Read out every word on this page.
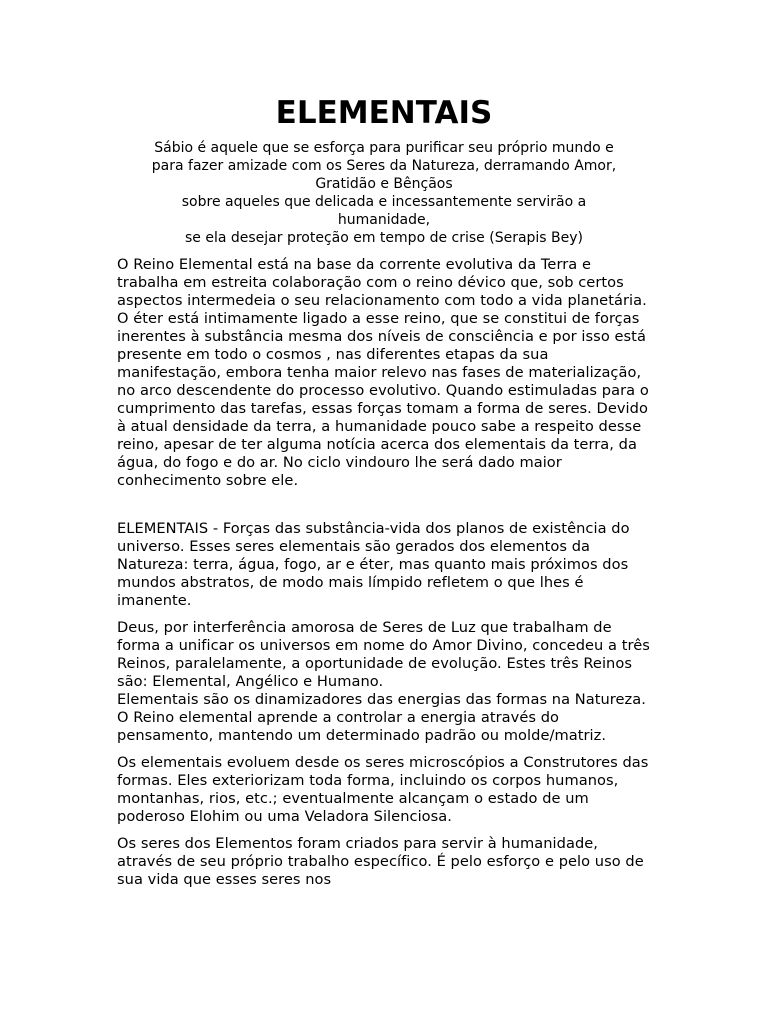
ELEMENTAIS
Sábio é aquele que se esforça para purificar seu próprio mundo e
para fazer amizade com os Seres da Natureza, derramando Amor,
Gratidão e Bênçãos
sobre aqueles que delicada e incessantemente servirão a
humanidade,
se ela desejar proteção em tempo de crise (Serapis Bey)

O Reino Elemental está na base da corrente evolutiva da Terra e trabalha em estreita colaboração com o reino dévico que, sob certos aspectos intermedeia o seu relacionamento com todo a vida planetária. O éter está intimamente ligado a esse reino, que se constitui de forças inerentes à substância mesma dos níveis de consciência e por isso está presente em todo o cosmos , nas diferentes etapas da sua manifestação, embora tenha maior relevo nas fases de materialização, no arco descendente do processo evolutivo. Quando estimuladas para o cumprimento das tarefas, essas forças tomam a forma de seres. Devido à atual densidade da terra, a humanidade pouco sabe a respeito desse reino, apesar de ter alguma notícia acerca dos elementais da terra, da água, do fogo e do ar. No ciclo vindouro lhe será dado maior conhecimento sobre ele.

ELEMENTAIS - Forças das substância-vida dos planos de existência do universo. Esses seres elementais são gerados dos elementos da Natureza: terra, água, fogo, ar e éter, mas quanto mais próximos dos mundos abstratos, de modo mais límpido refletem o que lhes é imanente.

Deus, por interferência amorosa de Seres de Luz que trabalham de forma a unificar os universos em nome do Amor Divino, concedeu a três Reinos, paralelamente, a oportunidade de evolução. Estes três Reinos são: Elemental, Angélico e Humano.

Elementais são os dinamizadores das energias das formas na Natureza.

O Reino elemental aprende a controlar a energia através do pensamento, mantendo um determinado padrão ou molde/matriz.

Os elementais evoluem desde os seres microscópios a Construtores das formas. Eles exteriorizam toda forma, incluindo os corpos humanos, montanhas, rios, etc.; eventualmente alcançam o estado de um poderoso Elohim ou uma Veladora Silenciosa.

Os seres dos Elementos foram criados para servir à humanidade, através de seu próprio trabalho específico. É pelo esforço e pelo uso de sua vida que esses seres nos
